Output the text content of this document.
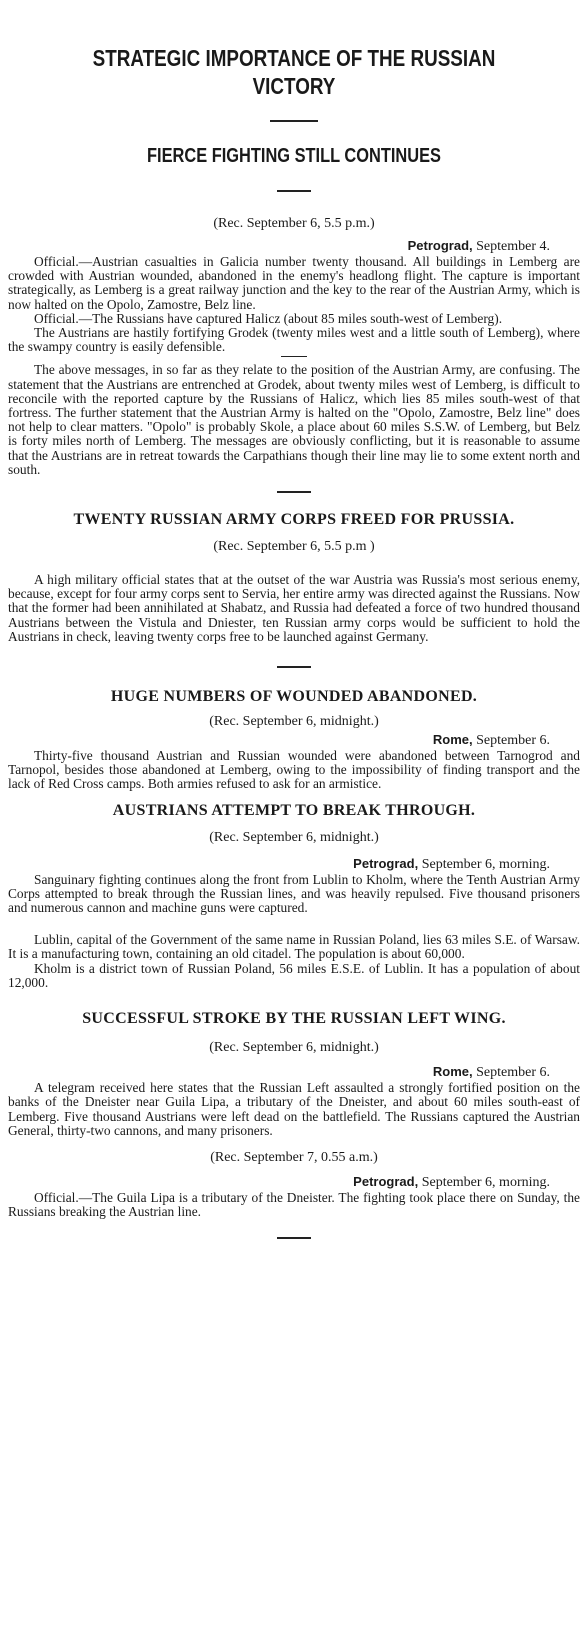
STRATEGIC IMPORTANCE OF THE RUSSIAN VICTORY
FIERCE FIGHTING STILL CONTINUES

(Rec. September 6, 5.5 p.m.)

Petrograd, September 4.

Official.—Austrian casualties in Galicia number twenty thousand. All buildings in Lemberg are crowded with Austrian wounded, abandoned in the enemy's headlong flight. The capture is important strategically, as Lemberg is a great railway junction and the key to the rear of the Austrian Army, which is now halted on the Opolo, Zamostre, Belz line.

Official.—The Russians have captured Halicz (about 85 miles south-west of Lemberg).

The Austrians are hastily fortifying Grodek (twenty miles west and a little south of Lemberg), where the swampy country is easily defensible.

The above messages, in so far as they relate to the position of the Austrian Army, are confusing. The statement that the Austrians are entrenched at Grodek, about twenty miles west of Lemberg, is difficult to reconcile with the reported capture by the Russians of Halicz, which lies 85 miles south-west of that fortress. The further statement that the Austrian Army is halted on the "Opolo, Zamostre, Belz line" does not help to clear matters. "Opolo" is probably Skole, a place about 60 miles S.S.W. of Lemberg, but Belz is forty miles north of Lemberg. The messages are obviously conflicting, but it is reasonable to assume that the Austrians are in retreat towards the Carpathians though their line may lie to some extent north and south.

TWENTY RUSSIAN ARMY CORPS FREED FOR PRUSSIA.

(Rec. September 6, 5.5 p.m )

A high military official states that at the outset of the war Austria was Russia's most serious enemy, because, except for four army corps sent to Servia, her entire army was directed against the Russians. Now that the former had been annihilated at Shabatz, and Russia had defeated a force of two hundred thousand Austrians between the Vistula and Dniester, ten Russian army corps would be sufficient to hold the Austrians in check, leaving twenty corps free to be launched against Germany.

HUGE NUMBERS OF WOUNDED ABANDONED.

(Rec. September 6, midnight.)

Rome, September 6.

Thirty-five thousand Austrian and Russian wounded were abandoned between Tarnogrod and Tarnopol, besides those abandoned at Lemberg, owing to the impossibility of finding transport and the lack of Red Cross camps. Both armies refused to ask for an armistice.

AUSTRIANS ATTEMPT TO BREAK THROUGH.

(Rec. September 6, midnight.)

Petrograd, September 6, morning.

Sanguinary fighting continues along the front from Lublin to Kholm, where the Tenth Austrian Army Corps attempted to break through the Russian lines, and was heavily repulsed. Five thousand prisoners and numerous cannon and machine guns were captured.

Lublin, capital of the Government of the same name in Russian Poland, lies 63 miles S.E. of Warsaw. It is a manufacturing town, containing an old citadel. The population is about 60,000.

Kholm is a district town of Russian Poland, 56 miles E.S.E. of Lublin. It has a population of about 12,000.

SUCCESSFUL STROKE BY THE RUSSIAN LEFT WING.

(Rec. September 6, midnight.)

Rome, September 6.

A telegram received here states that the Russian Left assaulted a strongly fortified position on the banks of the Dneister near Guila Lipa, a tributary of the Dneister, and about 60 miles south-east of Lemberg. Five thousand Austrians were left dead on the battlefield. The Russians captured the Austrian General, thirty-two cannons, and many prisoners.

(Rec. September 7, 0.55 a.m.)

Petrograd, September 6, morning.

Official.—The Guila Lipa is a tributary of the Dneister. The fighting took place there on Sunday, the Russians breaking the Austrian line.
